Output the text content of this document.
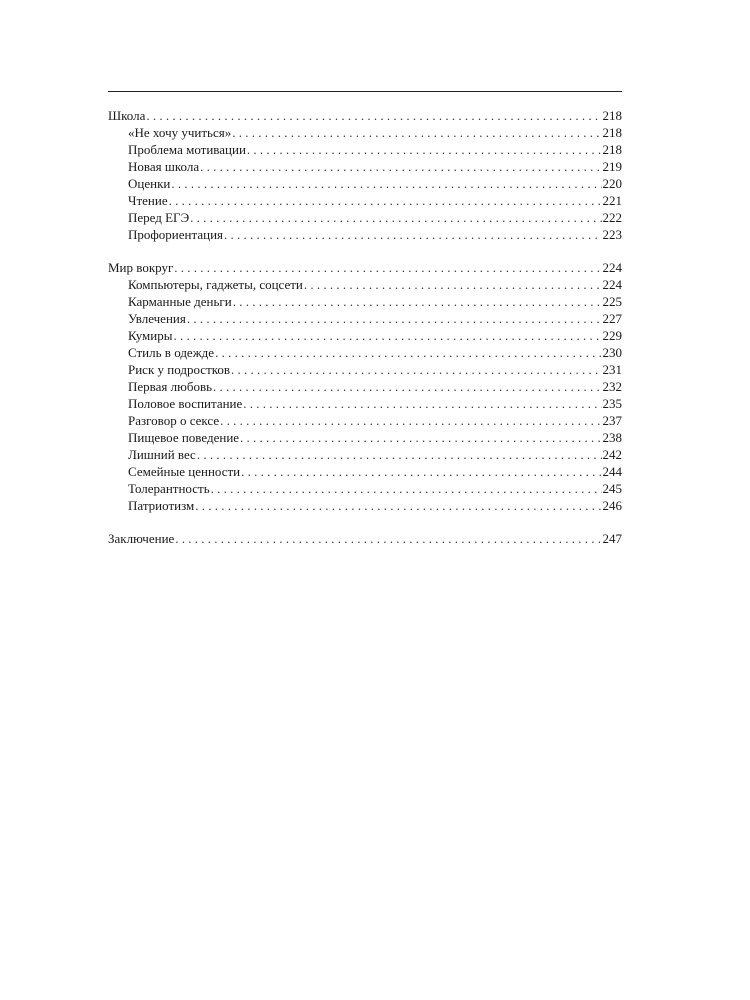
Школа . . .	218
«Не хочу учиться» . . .	218
Проблема мотивации . . .	218
Новая школа . . .	219
Оценки . . .	220
Чтение . . .	221
Перед ЕГЭ . . .	222
Профориентация . . .	223
Мир вокруг . . .	224
Компьютеры, гаджеты, соцсети . . .	224
Карманные деньги . . .	225
Увлечения . . .	227
Кумиры . . .	229
Стиль в одежде . . .	230
Риск у подростков . . .	231
Первая любовь . . .	232
Половое воспитание . . .	235
Разговор о сексе . . .	237
Пищевое поведение . . .	238
Лишний вес . . .	242
Семейные ценности . . .	244
Толерантность . . .	245
Патриотизм . . .	246
Заключение . . .	247
